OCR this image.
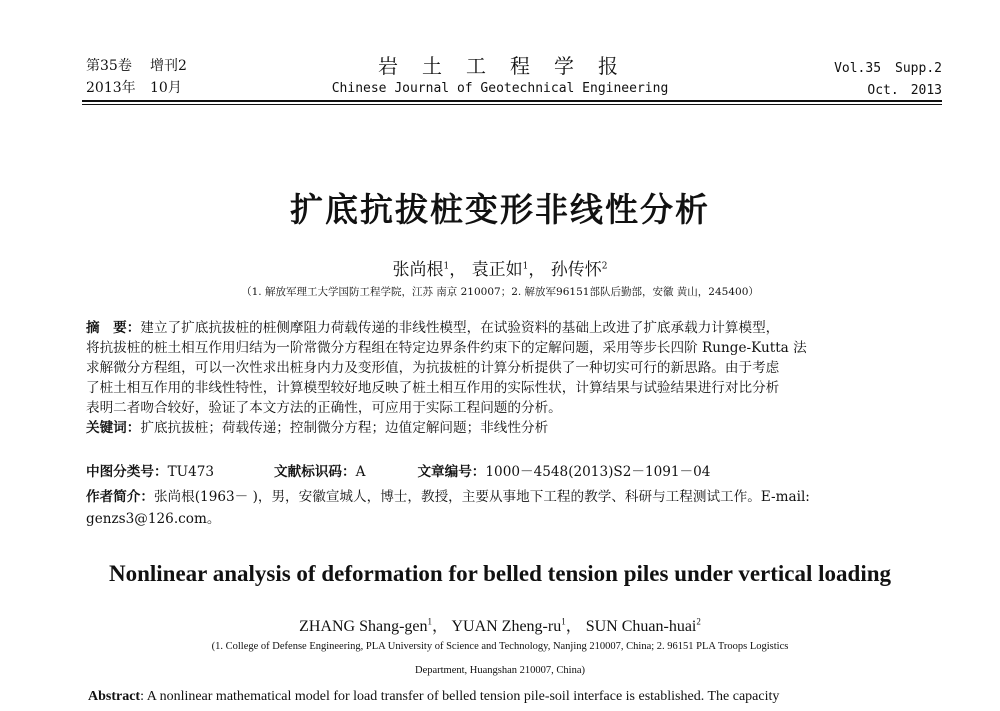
第35卷 增刊2
2013年 10月
岩土工程学报
Chinese Journal of Geotechnical Engineering
Vol.35 Supp.2
Oct. 2013
扩底抗拔桩变形非线性分析
张尚根$^1$， 袁正如$^1$， 孙传怀$^2$
（1. 解放军理工大学国防工程学院，江苏 南京 210007；2. 解放军96151部队后勤部，安徽 黄山，245400）
摘　要：建立了扩底抗拔桩的桩侧摩阻力荷载传递的非线性模型，在试验资料的基础上改进了扩底承载力计算模型，
将抗拔桩的桩土相互作用归结为一阶常微分方程组在特定边界条件约束下的定解问题，采用等步长四阶 Runge-Kutta 法
求解微分方程组，可以一次性求出桩身内力及变形值，为抗拔桩的计算分析提供了一种切实可行的新思路。由于考虑
了桩土相互作用的非线性特性，计算模型较好地反映了桩土相互作用的实际性状，计算结果与试验结果进行对比分析
表明二者吻合较好，验证了本文方法的正确性，可应用于实际工程问题的分析。
关键词：扩底抗拔桩；荷载传递；控制微分方程；边值定解问题；非线性分析
中图分类号：TU473	文献标识码：A	文章编号：1000－4548(2013)S2－1091－04
作者简介：张尚根(1963－ )，男，安徽宣城人，博士，教授，主要从事地下工程的教学、科研与工程测试工作。E-mail:
genzs3@126.com。
Nonlinear analysis of deformation for belled tension piles under vertical loading
ZHANG Shang-gen$^1$， YUAN Zheng-$ru^1$， SUN Chuan-huai$^2$
(1. College of Defense Engineering, PLA University of Science and Technology, Nanjing 210007, China; 2. 96151 PLA Troops Logistics
Department, Huangshan 210007, China)
Abstract: A nonlinear mathematical model for load transfer of belled tension pile-soil interface is established. The capacity
